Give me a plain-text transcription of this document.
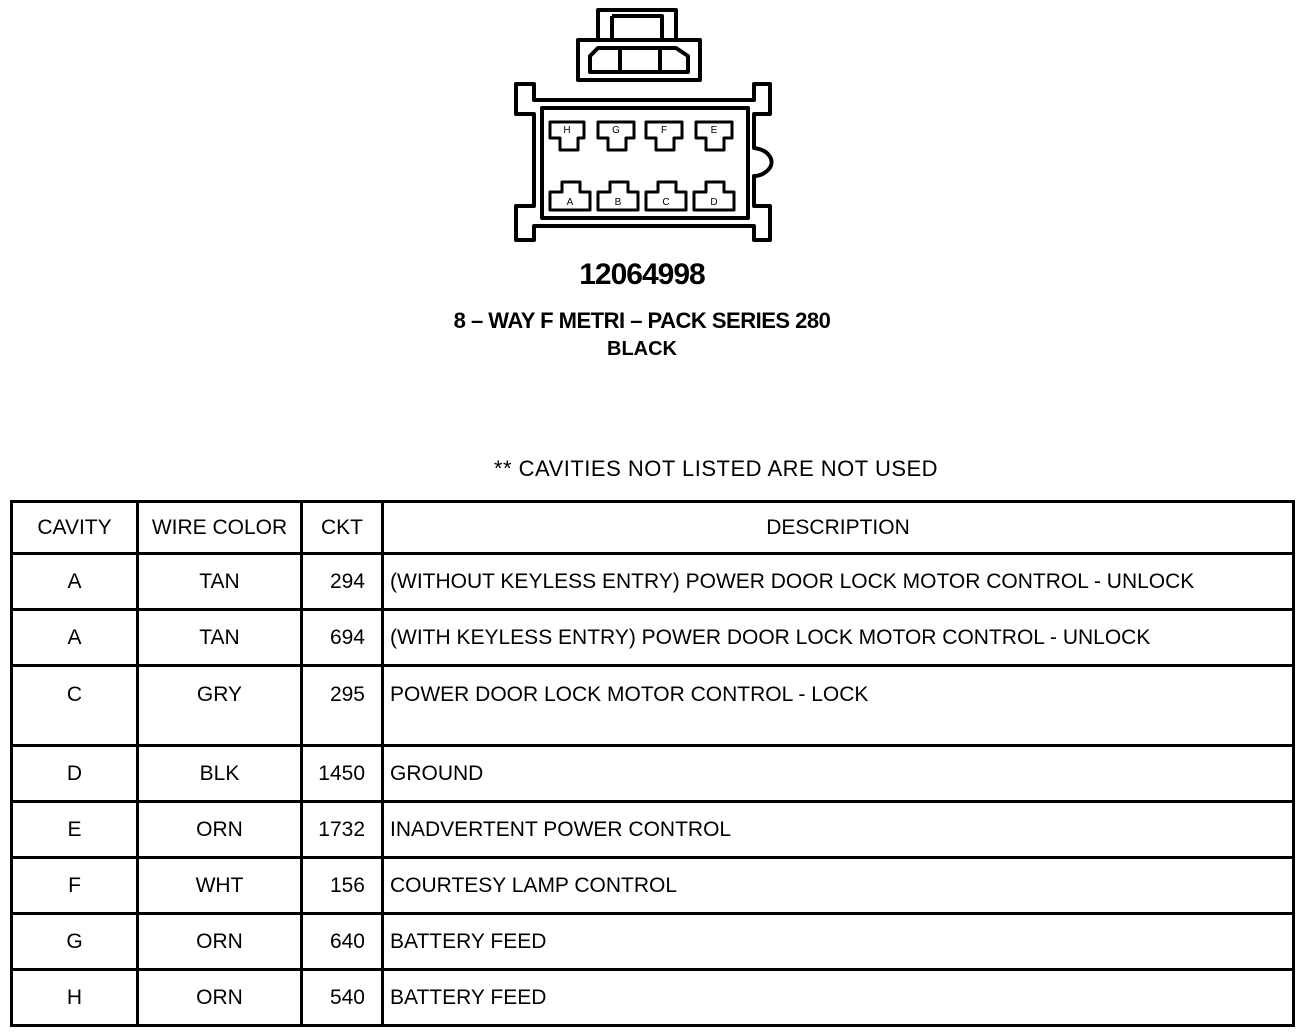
H	G	F	E
A	B	C	D
12064998
8 – WAY F METRI – PACK SERIES 280
BLACK
** CAVITIES NOT LISTED ARE NOT USED
CAVITY	WIRE COLOR	CKT	DESCRIPTION
A	TAN	294	(WITHOUT KEYLESS ENTRY) POWER DOOR LOCK MOTOR CONTROL - UNLOCK
A	TAN	694	(WITH KEYLESS ENTRY) POWER DOOR LOCK MOTOR CONTROL - UNLOCK
C	GRY	295	POWER DOOR LOCK MOTOR CONTROL - LOCK
D	BLK	1450	GROUND
E	ORN	1732	INADVERTENT POWER CONTROL
F	WHT	156	COURTESY LAMP CONTROL
G	ORN	640	BATTERY FEED
H	ORN	540	BATTERY FEED
